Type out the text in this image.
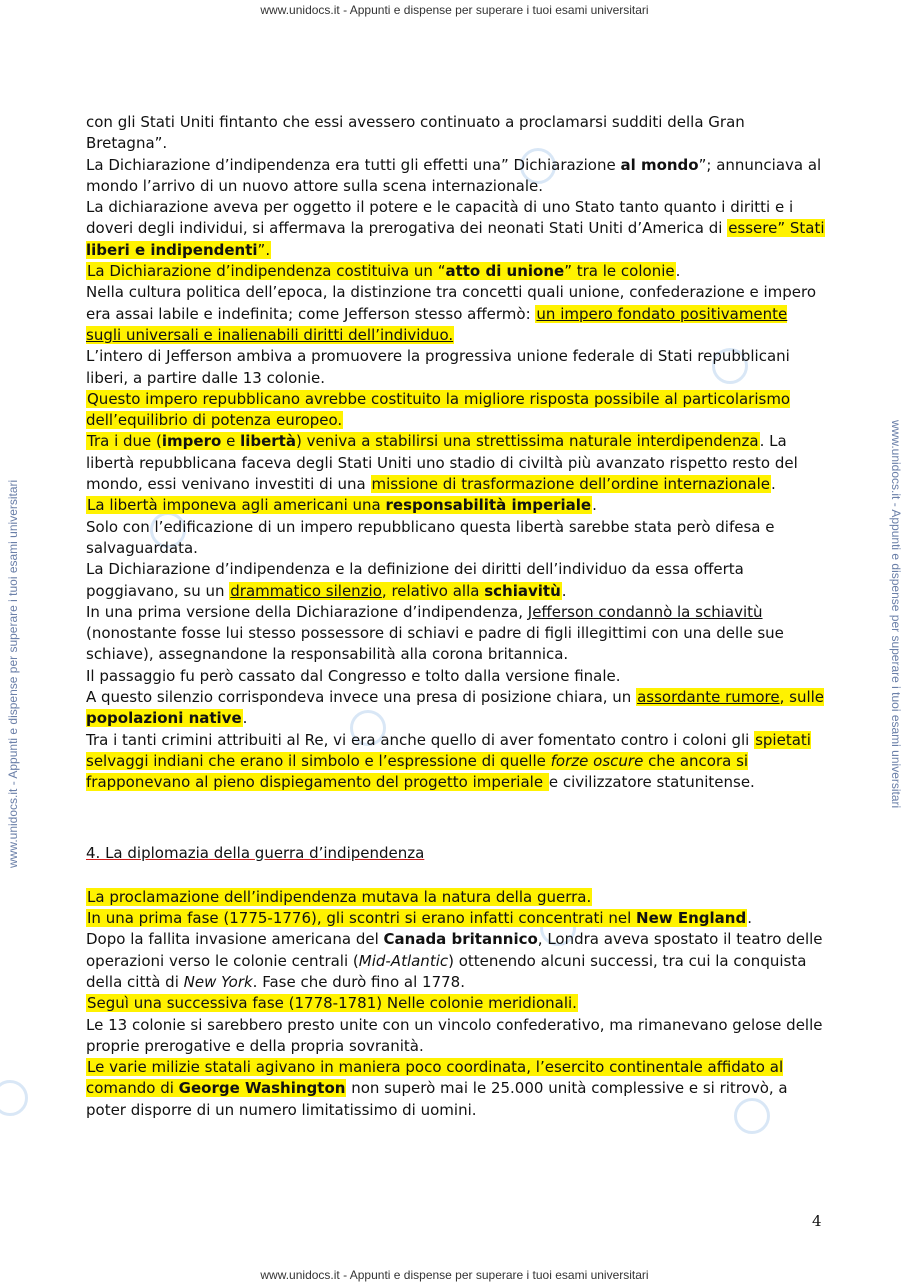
www.unidocs.it - Appunti e dispense per superare i tuoi esami universitari
www.unidocs.it - Appunti e dispense per superare i tuoi esami universitari	www.unidocs.it - Appunti e dispense per superare i tuoi esami universitari

con gli Stati Uniti fintanto che essi avessero continuato a proclamarsi sudditi della Gran Bretagna”.

La Dichiarazione d’indipendenza era tutti gli effetti una” Dichiarazione al mondo”; annunciava al mondo l’arrivo di un nuovo attore sulla scena internazionale.

La dichiarazione aveva per oggetto il potere e le capacità di uno Stato tanto quanto i diritti e i doveri degli individui, si affermava la prerogativa dei neonati Stati Uniti d’America di essere” Stati liberi e indipendenti”.

La Dichiarazione d’indipendenza costituiva un “atto di unione” tra le colonie.

Nella cultura politica dell’epoca, la distinzione tra concetti quali unione, confederazione e impero era assai labile e indefinita; come Jefferson stesso affermò: un impero fondato positivamente sugli universali e inalienabili diritti dell’individuo.

L’intero di Jefferson ambiva a promuovere la progressiva unione federale di Stati repubblicani liberi, a partire dalle 13 colonie.

Questo impero repubblicano avrebbe costituito la migliore risposta possibile al particolarismo dell’equilibrio di potenza europeo.

Tra i due (impero e libertà) veniva a stabilirsi una strettissima naturale interdipendenza. La libertà repubblicana faceva degli Stati Uniti uno stadio di civiltà più avanzato rispetto resto del mondo, essi venivano investiti di una missione di trasformazione dell’ordine internazionale.

La libertà imponeva agli americani una responsabilità imperiale.

Solo con l’edificazione di un impero repubblicano questa libertà sarebbe stata però difesa e salvaguardata.

La Dichiarazione d’indipendenza e la definizione dei diritti dell’individuo da essa offerta poggiavano, su un drammatico silenzio, relativo alla schiavitù.

In una prima versione della Dichiarazione d’indipendenza, Jefferson condannò la schiavitù (nonostante fosse lui stesso possessore di schiavi e padre di figli illegittimi con una delle sue schiave), assegnandone la responsabilità alla corona britannica.

Il passaggio fu però cassato dal Congresso e tolto dalla versione finale.

A questo silenzio corrispondeva invece una presa di posizione chiara, un assordante rumore, sulle popolazioni native.

Tra i tanti crimini attribuiti al Re, vi era anche quello di aver fomentato contro i coloni gli spietati selvaggi indiani che erano il simbolo e l’espressione di quelle forze oscure che ancora si frapponevano al pieno dispiegamento del progetto imperiale e civilizzatore statunitense.

4. La diplomazia della guerra d’indipendenza

La proclamazione dell’indipendenza mutava la natura della guerra.

In una prima fase (1775-1776), gli scontri si erano infatti concentrati nel New England.

Dopo la fallita invasione americana del Canada britannico, Londra aveva spostato il teatro delle operazioni verso le colonie centrali (Mid-Atlantic) ottenendo alcuni successi, tra cui la conquista della città di New York. Fase che durò fino al 1778.

Seguì una successiva fase (1778-1781) Nelle colonie meridionali.

Le 13 colonie si sarebbero presto unite con un vincolo confederativo, ma rimanevano gelose delle proprie prerogative e della propria sovranità.

Le varie milizie statali agivano in maniera poco coordinata, l’esercito continentale affidato al comando di George Washington non superò mai le 25.000 unità complessive e si ritrovò, a poter disporre di un numero limitatissimo di uomini.

4
www.unidocs.it - Appunti e dispense per superare i tuoi esami universitari
